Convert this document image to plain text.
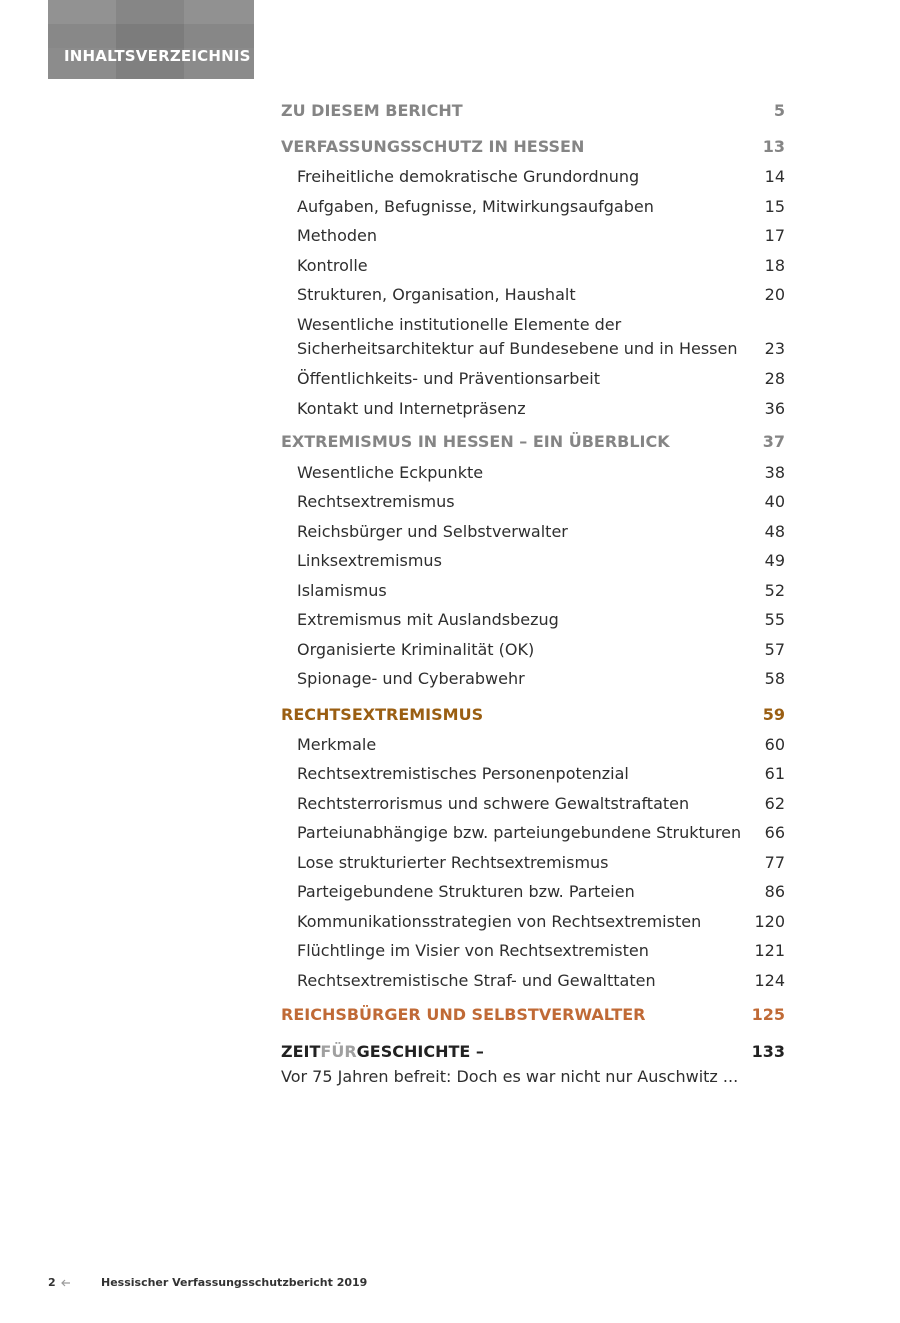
INHALTSVERZEICHNIS
ZU DIESEM BERICHT	5
VERFASSUNGSSCHUTZ IN HESSEN	13
Freiheitliche demokratische Grundordnung	14
Aufgaben, Befugnisse, Mitwirkungsaufgaben	15
Methoden	17
Kontrolle	18
Strukturen, Organisation, Haushalt	20
Wesentliche institutionelle Elemente der
Sicherheitsarchitektur auf Bundesebene und in Hessen 23
Öffentlichkeits- und Präventionsarbeit	28
Kontakt und Internetpräsenz	36
EXTREMISMUS IN HESSEN – EIN ÜBERBLICK	37
Wesentliche Eckpunkte	38
Rechtsextremismus	40
Reichsbürger und Selbstverwalter	48
Linksextremismus	49
Islamismus	52
Extremismus mit Auslandsbezug	55
Organisierte Kriminalität (OK)	57
Spionage- und Cyberabwehr	58
RECHTSEXTREMISMUS	59
Merkmale	60
Rechtsextremistisches Personenpotenzial	61
Rechtsterrorismus und schwere Gewaltstraftaten	62
Parteiunabhängige bzw. parteiungebundene Strukturen 66
Lose strukturierter Rechtsextremismus	77
Parteigebundene Strukturen bzw. Parteien	86
Kommunikationsstrategien von Rechtsextremisten	120
Flüchtlinge im Visier von Rechtsextremisten	121
Rechtsextremistische Straf- und Gewalttaten	124
REICHSBÜRGER UND SELBSTVERWALTER	125
ZEITFÜRGESCHICHTE –	133
Vor 75 Jahren befreit: Doch es war nicht nur Auschwitz ...
2	Hessischer Verfassungsschutzbericht 2019
